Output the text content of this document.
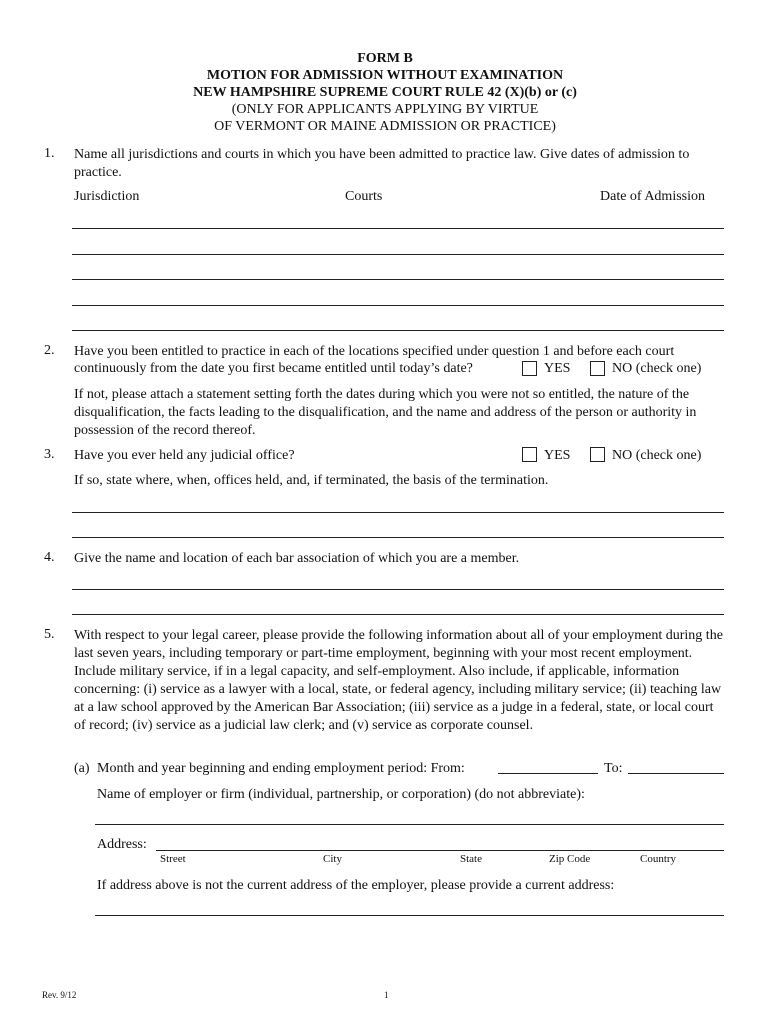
FORM B
MOTION FOR ADMISSION WITHOUT EXAMINATION
NEW HAMPSHIRE SUPREME COURT RULE 42 (X)(b) or (c)
(ONLY FOR APPLICANTS APPLYING BY VIRTUE
OF VERMONT OR MAINE ADMISSION OR PRACTICE)
1. Name all jurisdictions and courts in which you have been admitted to practice law. Give dates of admission to practice.
Jurisdiction	Courts	Date of Admission
2. Have you been entitled to practice in each of the locations specified under question 1 and before each court
continuously from the date you first became entitled until today’s date?	YES	NO (check one)
If not, please attach a statement setting forth the dates during which you were not so entitled, the nature of the disqualification, the facts leading to the disqualification, and the name and address of the person or authority in possession of the record thereof.
3. Have you ever held any judicial office?	YES	NO (check one)
If so, state where, when, offices held, and, if terminated, the basis of the termination.
4. Give the name and location of each bar association of which you are a member.
5. With respect to your legal career, please provide the following information about all of your employment during the last seven years, including temporary or part-time employment, beginning with your most recent employment. Include military service, if in a legal capacity, and self-employment. Also include, if applicable, information concerning: (i) service as a lawyer with a local, state, or federal agency, including military service; (ii) teaching law at a law school approved by the American Bar Association; (iii) service as a judge in a federal, state, or local court of record; (iv) service as a judicial law clerk; and (v) service as corporate counsel.
(a) Month and year beginning and ending employment period: From:	To:
Name of employer or firm (individual, partnership, or corporation) (do not abbreviate):
Address:
Street	City	State	Zip Code	Country
If address above is not the current address of the employer, please provide a current address:
Rev. 9/12	1
